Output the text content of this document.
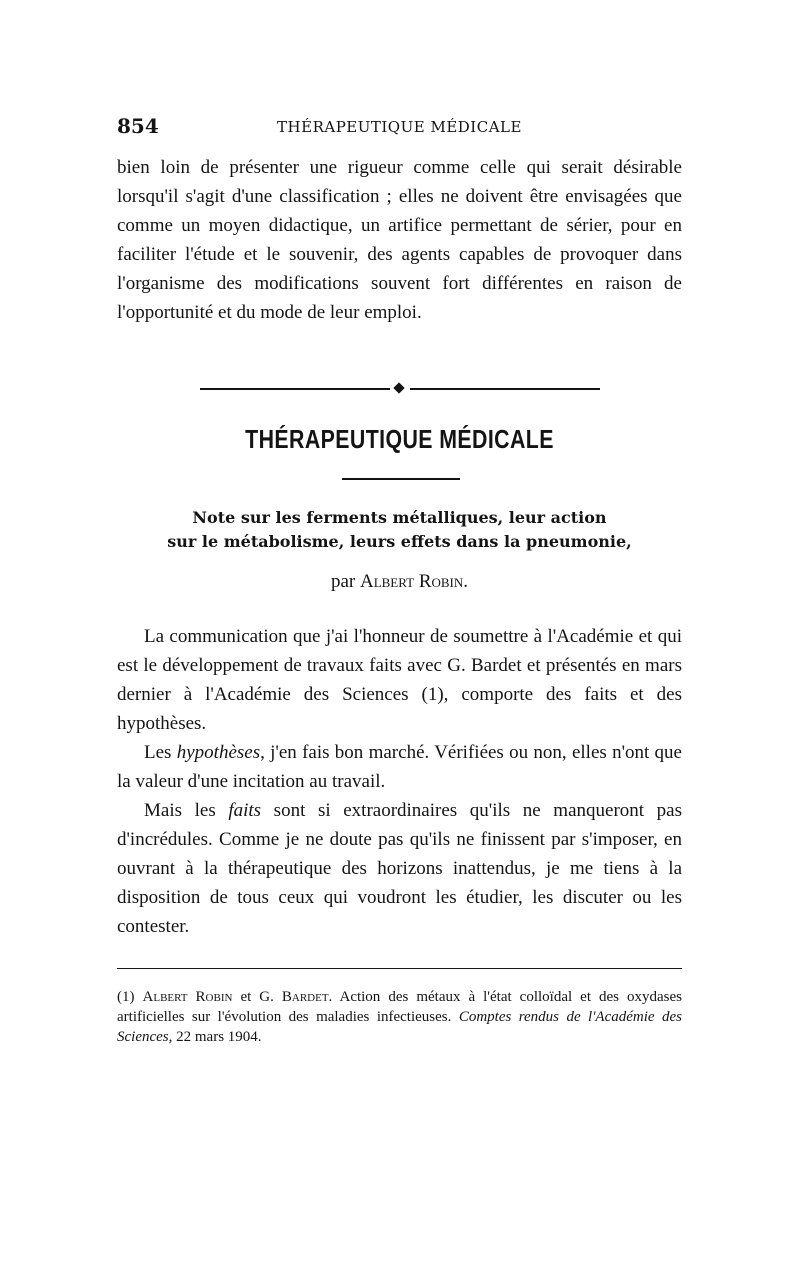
854	THÉRAPEUTIQUE MÉDICALE
bien loin de présenter une rigueur comme celle qui serait désirable lorsqu'il s'agit d'une classification ; elles ne doivent être envisagées que comme un moyen didactique, un artifice permettant de sérier, pour en faciliter l'étude et le souvenir, des agents capables de provoquer dans l'organisme des modifications souvent fort différentes en raison de l'opportunité et du mode de leur emploi.
THÉRAPEUTIQUE MÉDICALE
Note sur les ferments métalliques, leur action
sur le métabolisme, leurs effets dans la pneumonie,
par Albert Robin.

La communication que j'ai l'honneur de soumettre à l'Académie et qui est le développement de travaux faits avec G. Bardet et présentés en mars dernier à l'Académie des Sciences (1), comporte des faits et des hypothèses.

Les hypothèses, j'en fais bon marché. Vérifiées ou non, elles n'ont que la valeur d'une incitation au travail.

Mais les faits sont si extraordinaires qu'ils ne manqueront pas d'incrédules. Comme je ne doute pas qu'ils ne finissent par s'imposer, en ouvrant à la thérapeutique des horizons inattendus, je me tiens à la disposition de tous ceux qui voudront les étudier, les discuter ou les contester.

(1) Albert Robin et G. Bardet. Action des métaux à l'état colloïdal et des oxydases artificielles sur l'évolution des maladies infectieuses. Comptes rendus de l'Académie des Sciences, 22 mars 1904.
